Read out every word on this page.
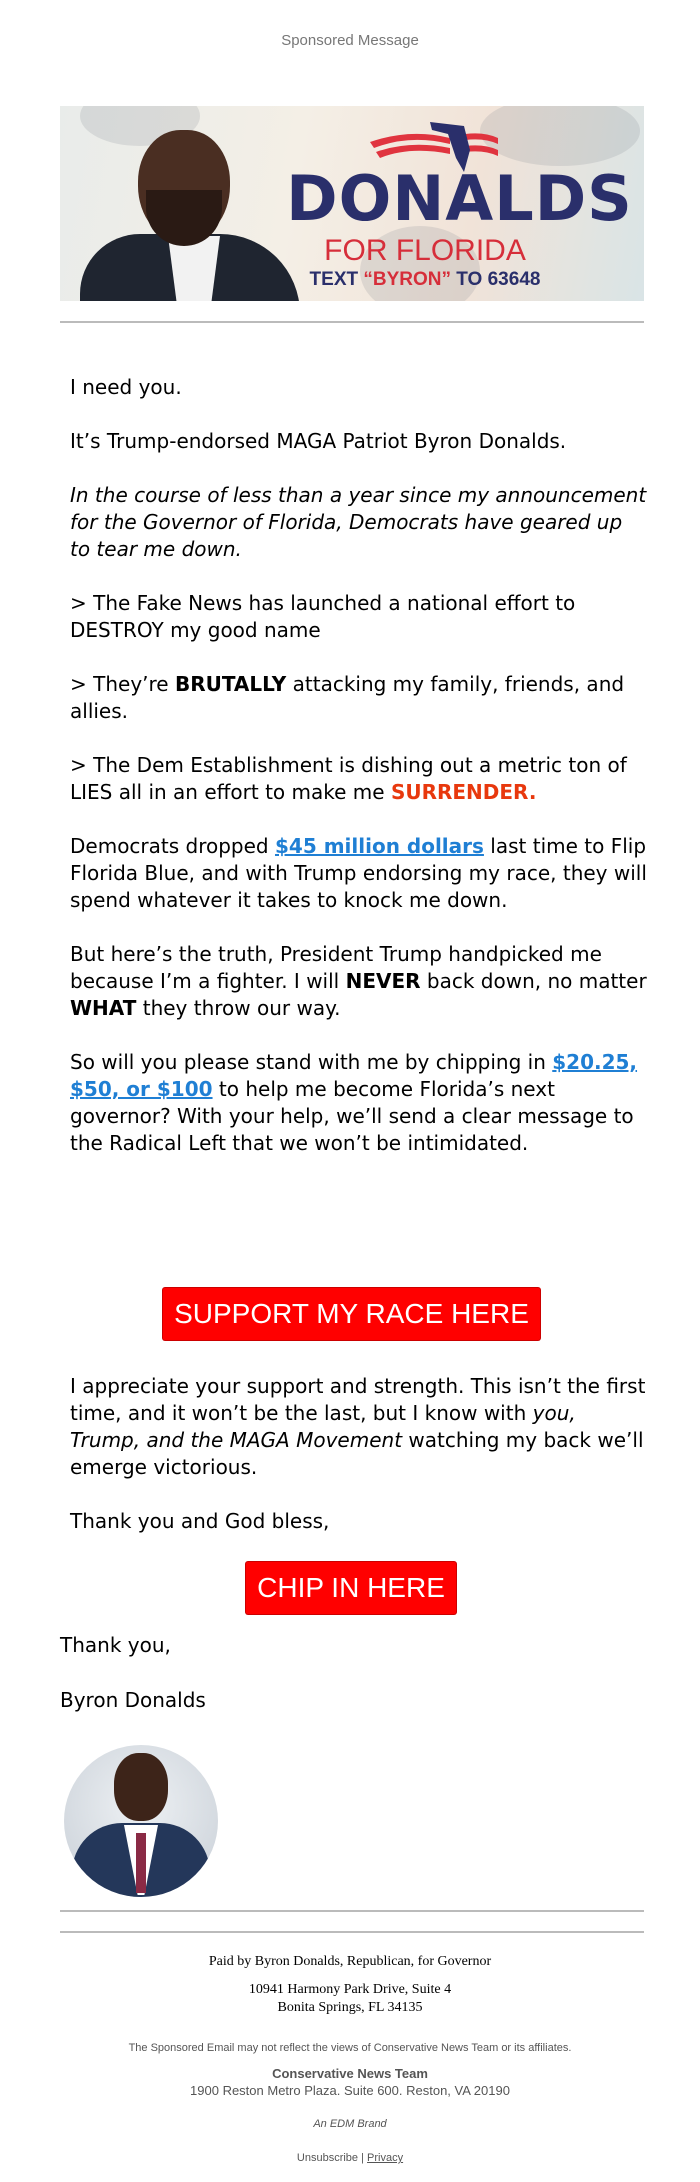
Sponsored Message
DONALDS
FOR FLORIDA
TEXT “BYRON” TO 63648

I need you.

It’s Trump-endorsed MAGA Patriot Byron Donalds.

In the course of less than a year since my announcement for the Governor of Florida, Democrats have geared up to tear me down.

> The Fake News has launched a national effort to DESTROY my good name

> They’re BRUTALLY attacking my family, friends, and allies.

> The Dem Establishment is dishing out a metric ton of LIES all in an effort to make me SURRENDER.

Democrats dropped $45 million dollars last time to Flip Florida Blue, and with Trump endorsing my race, they will spend whatever it takes to knock me down.

But here’s the truth, President Trump handpicked me because I’m a fighter. I will NEVER back down, no matter WHAT they throw our way.

So will you please stand with me by chipping in $20.25, $50, or $100 to help me become Florida’s next governor? With your help, we’ll send a clear message to the Radical Left that we won’t be intimidated.

SUPPORT MY RACE HERE

I appreciate your support and strength. This isn’t the first time, and it won’t be the last, but I know with you, Trump, and the MAGA Movement watching my back we’ll emerge victorious.

Thank you and God bless,

CHIP IN HERE
Thank you,
Byron Donalds
Paid by Byron Donalds, Republican, for Governor
10941 Harmony Park Drive, Suite 4
Bonita Springs, FL 34135
The Sponsored Email may not reflect the views of Conservative News Team or its affiliates.
Conservative News Team
1900 Reston Metro Plaza. Suite 600. Reston, VA 20190
An EDM Brand
Unsubscribe | Privacy
